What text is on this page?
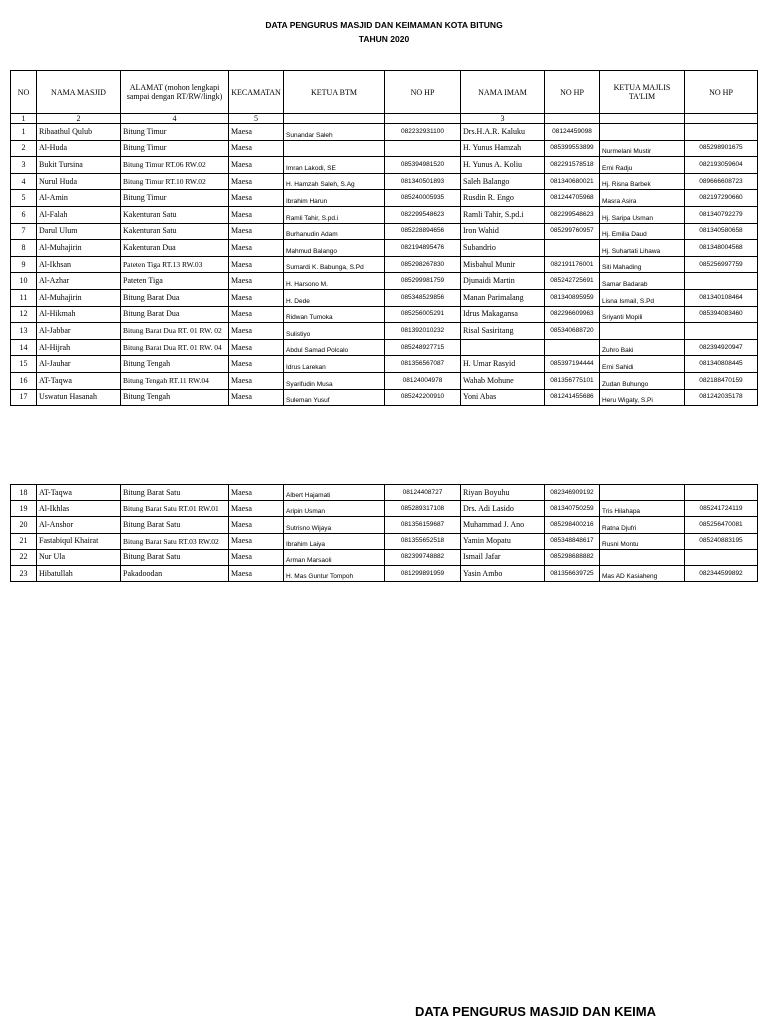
DATA PENGURUS MASJID DAN KEIMAMAN KOTA BITUNG
TAHUN 2020
NO	NAMA MASJID	ALAMAT (mohon lengkapi sampai dengan RT/RW/lingk)	KECAMATAN	KETUA BTM	NO HP	NAMA IMAM	NO HP	KETUA MAJLIS TA'LIM	NO HP
1	2	4	5			3			
1	Ribaathul Qulub	Bitung Timur	Maesa	Sunandar Saleh	082232931100	Drs.H.A.R. Kaluku	08124459098		
2	Al-Huda	Bitung Timur	Maesa			H. Yunus Hamzah	085399553899	Nurmelani Mustir	085298901675
3	Bukit Tursina	Bitung Timur RT.06 RW.02	Maesa	Imran Lakodi, SE	085394981520	H. Yunus A. Koliu	082291578518	Erni Radju	082193059604
4	Nurul Huda	Bitung Timur RT.10 RW.02	Maesa	H. Hamzah Saleh, S.Ag	081340501893	Saleh Balango	081340680021	Hj. Risna Barbek	089666608723
5	Al-Amin	Bitung Timur	Maesa	Ibrahim Harun	085240005935	Rusdin R. Engo	081244705968	Masra Asira	082197290660
6	Al-Falah	Kakenturan Satu	Maesa	Ramli Tahir, S.pd.i	082299548623	Ramli Tahir, S.pd.i	082299548623	Hj. Saripa Usman	081340792279
7	Darul Ulum	Kakenturan Satu	Maesa	Burhanudin Adam	085228894656	Iron Wahid	085299760957	Hj. Emilia Daud	081340580658
8	Al-Muhajirin	Kakenturan Dua	Maesa	Mahmud Balango	082194895476	Subandrio		Hj. Suhartati Lihawa	081348004568
9	Al-Ikhsan	Pateten Tiga RT.13 RW.03	Maesa	Sumardi K. Babunga, S.Pd	085298267830	Misbahul Munir	082191176001	Siti Mahading	085256997759
10	Al-Azhar	Pateten Tiga	Maesa	H. Harsono M.	085299981759	Djunaidi Martin	085242725691	Samar Badarab	
11	Al-Muhajirin	Bitung Barat Dua	Maesa	H. Dede	085348529856	Manan Parimalang	081340895959	Lisna Ismail, S.Pd	081340108464
12	Al-Hikmah	Bitung Barat Dua	Maesa	Ridwan Tumoka	085256005291	Idrus Makagansa	082296609963	Sriyanti Mopili	085394083460
13	Al-Jabbar	Bitung Barat Dua RT. 01 RW. 02	Maesa	Sulistiyo	081392010232	Risal Sasiritang	085340688720		
14	Al-Hijrah	Bitung Barat Dua RT. 01 RW. 04	Maesa	Abdul Samad Polcalo	085248927715			Zuhro Baki	082394920947
15	Al-Jauhar	Bitung Tengah	Maesa	Idrus Larekan	081356567087	H. Umar Rasyid	085397194444	Erni Sahidi	081340808445
16	AT-Taqwa	Bitung Tengah RT.11 RW.04	Maesa	Syarifudin Musa	08124004978	Wahab Mohune	081356775101	Zudan Buhungo	082188470159
17	Uswatun Hasanah	Bitung Tengah	Maesa	Suleman Yusuf	085242200910	Yoni Abas	081241455686	Heru Wigaty, S.Pi	081242035178
18	AT-Taqwa	Bitung Barat Satu	Maesa	Albert Hajamati	08124408727	Riyan Boyuhu	082346909192		
19	Al-Ikhlas	Bitung Barat Satu RT.01 RW.01	Maesa	Aripin Usman	085289317108	Drs. Adi Lasido	081340750259	Tris Hilahapa	085241724119
20	Al-Anshor	Bitung Barat Satu	Maesa	Sutrisno Wijaya	081356159687	Muhammad J. Ano	085298400216	Ratna Djufri	085256470081
21	Fastabiqul Khairat	Bitung Barat Satu RT.03 RW.02	Maesa	Ibrahim Laiya	081355652518	Yamin Mopatu	085348848617	Rusni Montu	085240883195
22	Nur Ula	Bitung Barat Satu	Maesa	Arman Marsaoli	082399748882	Ismail Jafar	085298688882		
23	Hibatullah	Pakadoodan	Maesa	H. Mas Guntur Tompoh	081299891959	Yasin Ambo	081356639725	Mas AD Kasiaheng	082344599892
DATA PENGURUS MASJID DAN KEIMA
